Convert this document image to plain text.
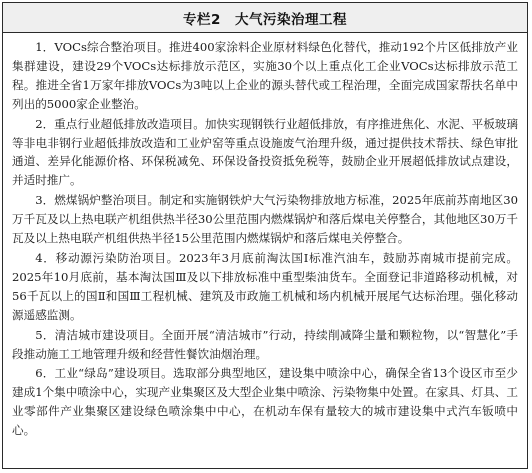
专栏2 大气污染治理工程

1．VOCs综合整治项目。推进400家涂料企业原材料绿色化替代，推动192个片区低排放产业集群建设，建设29个VOCs达标排放示范区，实施30个以上重点化工企业VOCs达标排放示范工程。推进全省1万家年排放VOCs为3吨以上企业的源头替代或工程治理，全面完成国家帮扶名单中列出的5000家企业整治。

2．重点行业超低排放改造项目。加快实现钢铁行业超低排放，有序推进焦化、水泥、平板玻璃等非电非钢行业超低排放改造和工业炉窑等重点设施废气治理升级，通过提供技术帮扶、绿色审批通道、差异化能源价格、环保税减免、环保设备投资抵免税等，鼓励企业开展超低排放试点建设，并适时推广。

3．燃煤锅炉整治项目。制定和实施钢铁炉大气污染物排放地方标准，2025年底前苏南地区30万千瓦及以上热电联产机组供热半径30公里范围内燃煤锅炉和落后煤电关停整合，其他地区30万千瓦及以上热电联产机组供热半径15公里范围内燃煤锅炉和落后煤电关停整合。

4．移动源污染防治项目。2023年3月底前淘汰国Ⅰ标准汽油车，鼓励苏南城市提前完成。2025年10月底前，基本淘汰国Ⅲ及以下排放标准中重型柴油货车。全面登记非道路移动机械，对56千瓦以上的国Ⅱ和国Ⅲ工程机械、建筑及市政施工机械和场内机械开展尾气达标治理。强化移动源遥感监测。

5．清洁城市建设项目。全面开展“清洁城市”行动，持续削减降尘量和颗粒物，以“智慧化”手段推动施工工地管理升级和经营性餐饮油烟治理。

6．工业“绿岛”建设项目。选取部分典型地区，建设集中喷涂中心，确保全省13个设区市至少建成1个集中喷涂中心，实现产业集聚区及大型企业集中喷涂、污染物集中处置。在家具、灯具、工业零部件产业集聚区建设绿色喷涂集中中心，在机动车保有量较大的城市建设集中式汽车钣喷中心。
